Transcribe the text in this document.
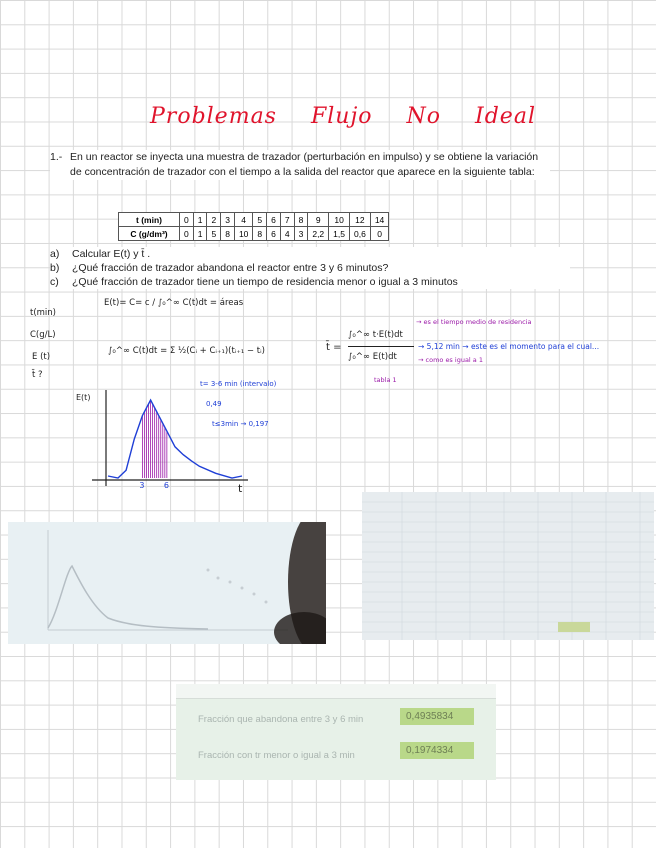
Problemas Flujo No Ideal
1.- En un reactor se inyecta una muestra de trazador (perturbación en impulso) y se obtiene la variación de concentración de trazador con el tiempo a la salida del reactor que aparece en la siguiente tabla:
t (min)	0	1	2	3	4	5	6	7	8	9	10	12	14
C (g/dm³)	0	1	5	8	10	8	6	4	3	2,2	1,5	0,6	0
a)	Calcular E(t) y t̄ .
b)	¿Qué fracción de trazador abandona el reactor entre 3 y 6 minutos?
c)	¿Qué fracción de trazador tiene un tiempo de residencia menor o igual a 3 minutos
t(min)
C(g/L)
E (t)
t̄ ?
E(t)= C= c / ∫₀^∞ C(t)dt = áreas
∫₀^∞ C(t)dt = Σ ½(Cᵢ + Cᵢ₊₁)(tᵢ₊₁ − tᵢ)	t̄ =
∫₀^∞ t·E(t)dt
∫₀^∞ E(t)dt
→ 5,12 min → este es el momento para el cual...
→ es el tiempo medio de residencia
→ como es igual a 1
tabla 1
E(t)
t
3 6
t= 3-6 min (intervalo)
0,49
t≤3min → 0,197
Fracción que abandona entre 3 y 6 min	0,4935834
Fracción con tr menor o igual a 3 min	0,1974334
